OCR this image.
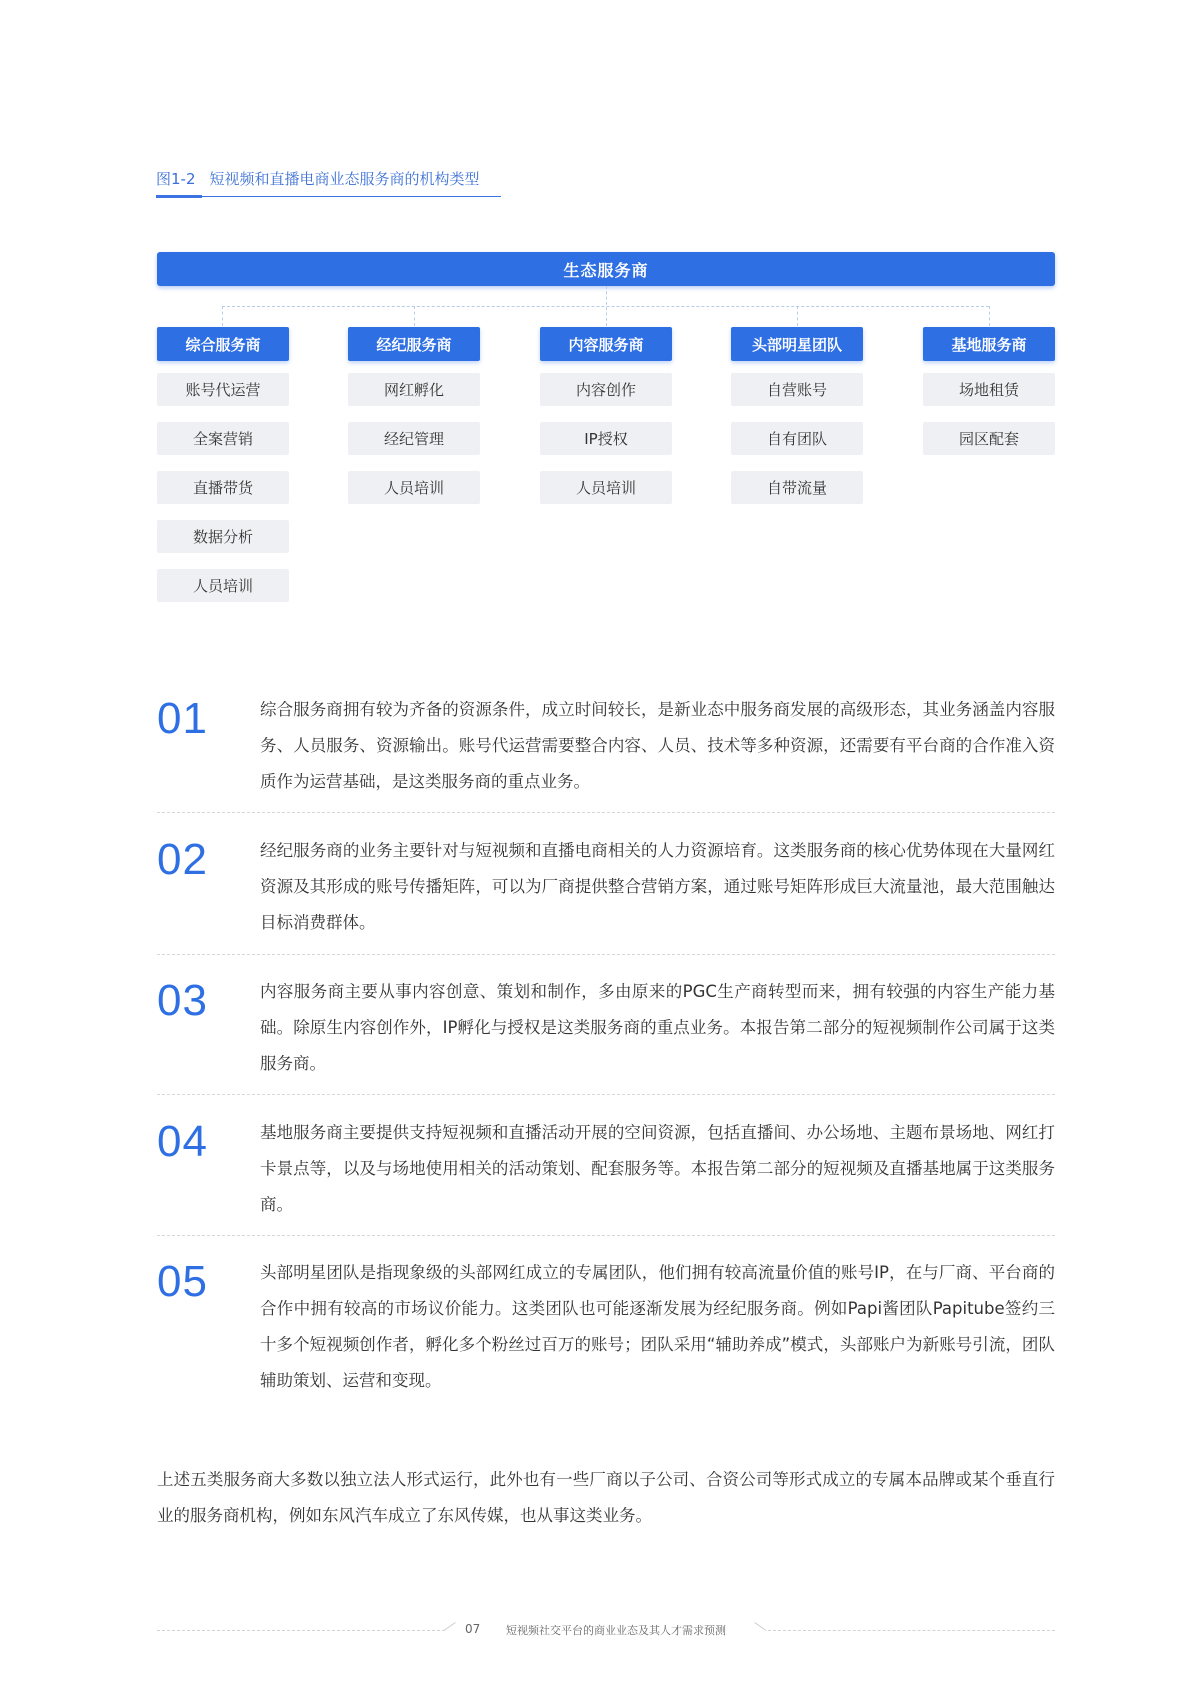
图1-2 短视频和直播电商业态服务商的机构类型
生态服务商
综合服务商
账号代运营
全案营销
直播带货
数据分析
人员培训
经纪服务商
网红孵化
经纪管理
人员培训
内容服务商
内容创作
IP授权
人员培训
头部明星团队
自营账号
自有团队
自带流量
基地服务商
场地租赁
园区配套
01	综合服务商拥有较为齐备的资源条件，成立时间较长，是新业态中服务商发展的高级形态，其业务涵盖内容服务、人员服务、资源输出。账号代运营需要整合内容、人员、技术等多种资源，还需要有平台商的合作准入资质作为运营基础，是这类服务商的重点业务。
02	经纪服务商的业务主要针对与短视频和直播电商相关的人力资源培育。这类服务商的核心优势体现在大量网红资源及其形成的账号传播矩阵，可以为厂商提供整合营销方案，通过账号矩阵形成巨大流量池，最大范围触达目标消费群体。
03	内容服务商主要从事内容创意、策划和制作，多由原来的PGC生产商转型而来，拥有较强的内容生产能力基础。除原生内容创作外，IP孵化与授权是这类服务商的重点业务。本报告第二部分的短视频制作公司属于这类服务商。
04	基地服务商主要提供支持短视频和直播活动开展的空间资源，包括直播间、办公场地、主题布景场地、网红打卡景点等，以及与场地使用相关的活动策划、配套服务等。本报告第二部分的短视频及直播基地属于这类服务商。
05	头部明星团队是指现象级的头部网红成立的专属团队，他们拥有较高流量价值的账号IP，在与厂商、平台商的合作中拥有较高的市场议价能力。这类团队也可能逐渐发展为经纪服务商。例如Papi酱团队Papitube签约三十多个短视频创作者，孵化多个粉丝过百万的账号；团队采用“辅助养成”模式，头部账户为新账号引流，团队辅助策划、运营和变现。
上述五类服务商大多数以独立法人形式运行，此外也有一些厂商以子公司、合资公司等形式成立的专属本品牌或某个垂直行业的服务商机构，例如东风汽车成立了东风传媒，也从事这类业务。
07 短视频社交平台的商业业态及其人才需求预测
